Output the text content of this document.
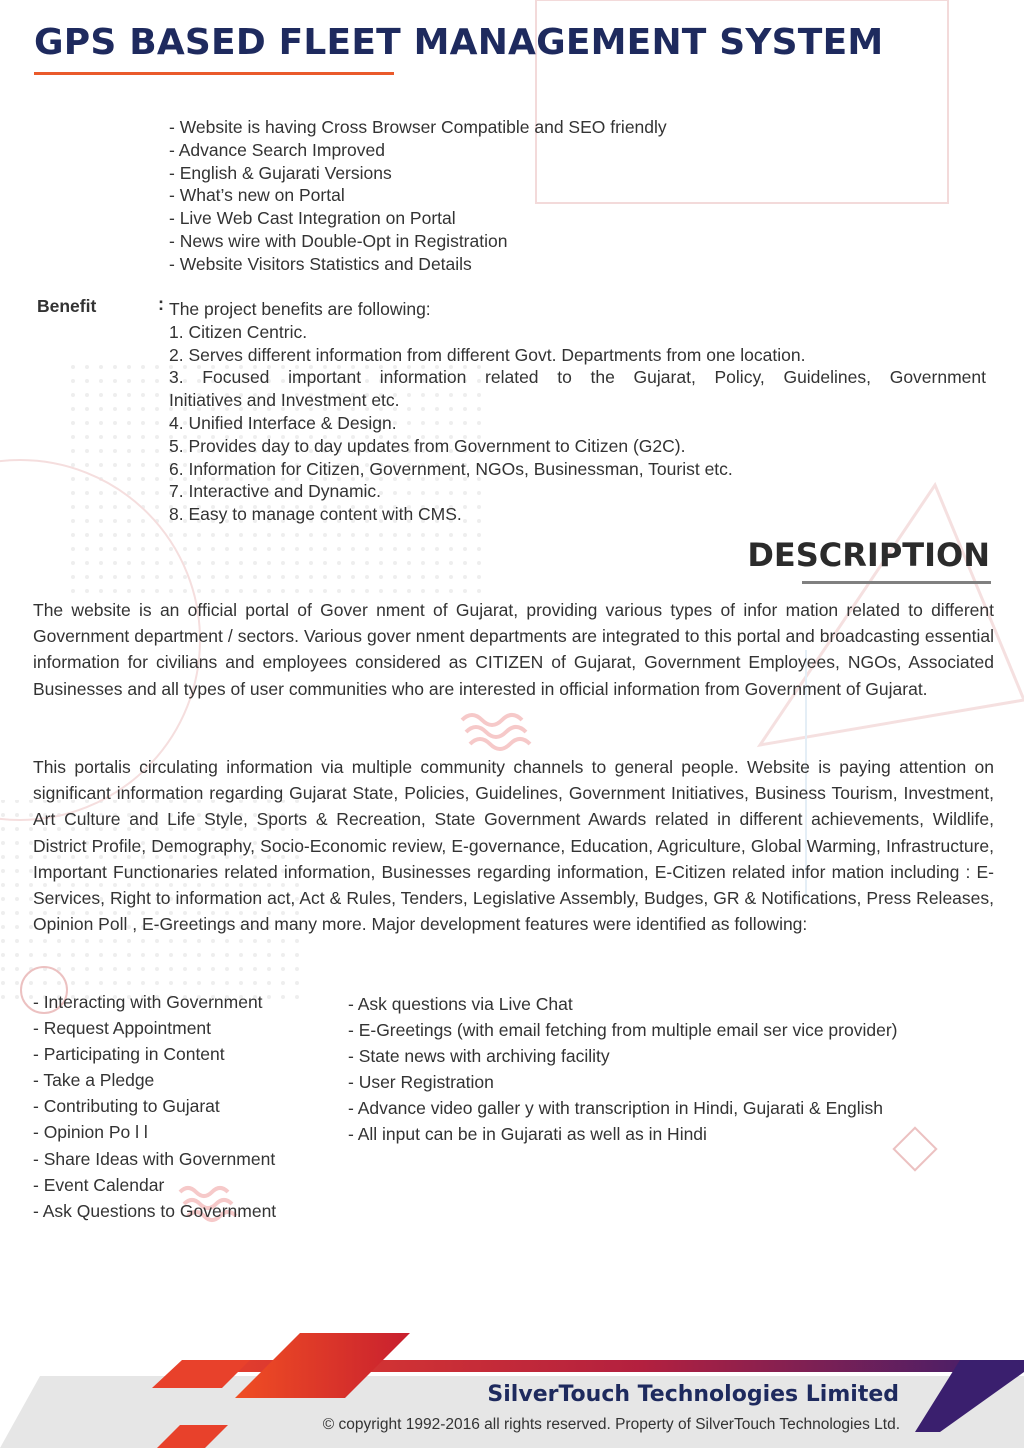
GPS BASED FLEET MANAGEMENT SYSTEM
- Website is having Cross Browser Compatible and SEO friendly
- Advance Search Improved
- English & Gujarati Versions
- What’s new on Portal
- Live Web Cast Integration on Portal
- News wire with Double-Opt in Registration
- Website Visitors Statistics and Details
Benefit	: The project benefits are following:
1. Citizen Centric.
2. Serves different information from different Govt. Departments from one location.
3. Focused important information related to the Gujarat, Policy, Guidelines, Government
Initiatives and Investment etc.
4. Unified Interface & Design.
5. Provides day to day updates from Government to Citizen (G2C).
6. Information for Citizen, Government, NGOs, Businessman, Tourist etc.
7. Interactive and Dynamic.
8. Easy to manage content with CMS.
DESCRIPTION

The website is an official portal of Gover nment of Gujarat, providing various types of infor mation related to different Government department / sectors. Various gover nment departments are integrated to this portal and broadcasting essential information for civilians and employees considered as CITIZEN of Gujarat, Government Employees, NGOs, Associated Businesses and all types of user communities who are interested in official information from Government of Gujarat.

This portalis circulating information via multiple community channels to general people. Website is paying attention on significant information regarding Gujarat State, Policies, Guidelines, Government Initiatives, Business Tourism, Investment, Art Culture and Life Style, Sports & Recreation, State Government Awards related in different achievements, Wildlife, District Profile, Demography, Socio-Economic review, E-governance, Education, Agriculture, Global Warming, Infrastructure, Important Functionaries related information, Businesses regarding information, E-Citizen related infor mation including : E-Services, Right to information act, Act & Rules, Tenders, Legislative Assembly, Budges, GR & Notifications, Press Releases, Opinion Poll , E-Greetings and many more. Major development features were identified as following:

- Interacting with Government
- Request Appointment
- Participating in Content
- Take a Pledge
- Contributing to Gujarat
- Opinion Po l l
- Share Ideas with Government
- Event Calendar
- Ask Questions to Government
- Ask questions via Live Chat
- E-Greetings (with email fetching from multiple email ser vice provider)
- State news with archiving facility
- User Registration
- Advance video galler y with transcription in Hindi, Gujarati & English
- All input can be in Gujarati as well as in Hindi
SilverTouch Technologies Limited
© copyright 1992-2016 all rights reserved. Property of SilverTouch Technologies Ltd.
